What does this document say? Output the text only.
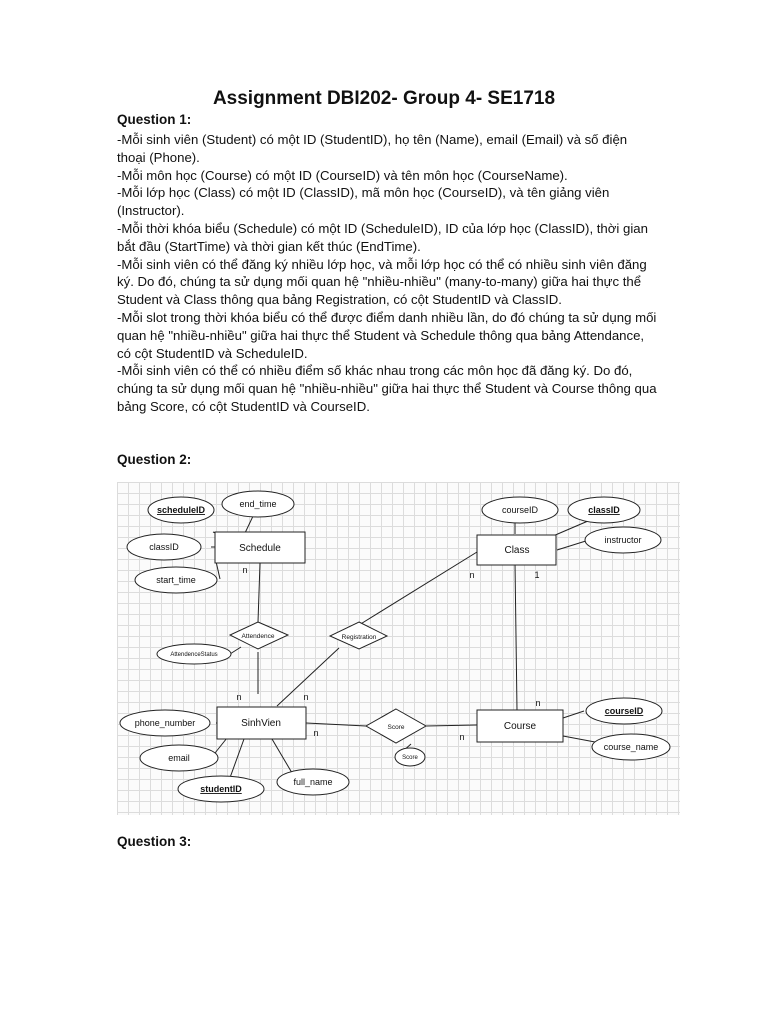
Assignment DBI202- Group 4- SE1718
Question 1:

-Mỗi sinh viên (Student) có một ID (StudentID), họ tên (Name), email (Email) và số điện thoại (Phone).

-Mỗi môn học (Course) có một ID (CourseID) và tên môn học (CourseName).

-Mỗi lớp học (Class) có một ID (ClassID), mã môn học (CourseID), và tên giảng viên (Instructor).

-Mỗi thời khóa biểu (Schedule) có một ID (ScheduleID), ID của lớp học (ClassID), thời gian bắt đầu (StartTime) và thời gian kết thúc (EndTime).

-Mỗi sinh viên có thể đăng ký nhiều lớp học, và mỗi lớp học có thể có nhiều sinh viên đăng ký. Do đó, chúng ta sử dụng mối quan hệ "nhiều-nhiều" (many-to-many) giữa hai thực thể Student và Class thông qua bảng Registration, có cột StudentID và ClassID.

-Mỗi slot trong thời khóa biểu có thể được điểm danh nhiều lần, do đó chúng ta sử dụng mối quan hệ "nhiều-nhiều" giữa hai thực thể Student và Schedule thông qua bảng Attendance, có cột StudentID và ScheduleID.

-Mỗi sinh viên có thể có nhiều điểm số khác nhau trong các môn học đã đăng ký. Do đó, chúng ta sử dụng mối quan hệ "nhiều-nhiều" giữa hai thực thể Student và Course thông qua bảng Score, có cột StudentID và CourseID.

Question 2:
Schedule	Class
SinhVien	Course
Attendence	Registration
Score
scheduleID
end_time
classID
start_time
courseID	classID
instructor
phone_number
email
studentID
full_name
courseID
course_name
AttendenceStatus
Score
n	n	1
n	n
n	n
n
Question 3:
